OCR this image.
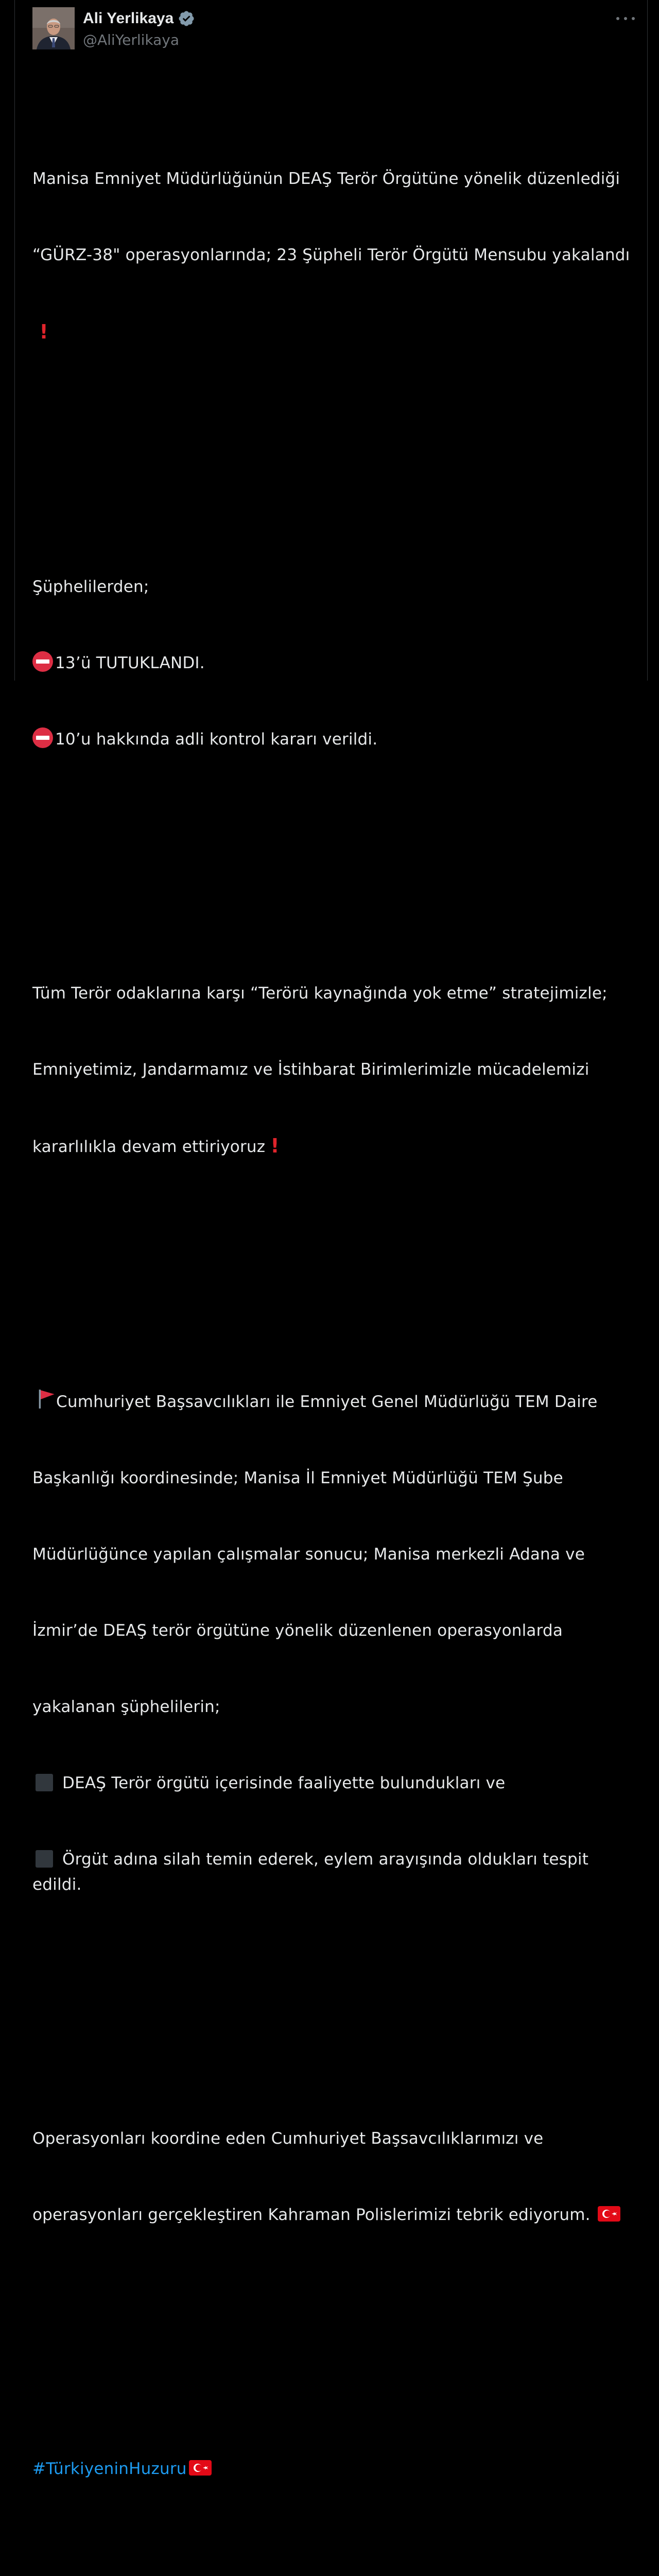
Ali Yerlikaya
@AliYerlikaya

Manisa Emniyet Müdürlüğünün DEAŞ Terör Örgütüne yönelik düzenlediği

“GÜRZ-38" operasyonlarında; 23 Şüpheli Terör Örgütü Mensubu yakalandı

!

Şüphelilerden;

13’ü TUTUKLANDI.

10’u hakkında adli kontrol kararı verildi.

Tüm Terör odaklarına karşı “Terörü kaynağında yok etme” stratejimizle;

Emniyetimiz, Jandarmamız ve İstihbarat Birimlerimizle mücadelemizi

kararlılıkla devam ettiriyoruz !

Cumhuriyet Başsavcılıkları ile Emniyet Genel Müdürlüğü TEM Daire

Başkanlığı koordinesinde; Manisa İl Emniyet Müdürlüğü TEM Şube

Müdürlüğünce yapılan çalışmalar sonucu; Manisa merkezli Adana ve

İzmir’de DEAŞ terör örgütüne yönelik düzenlenen operasyonlarda

yakalanan şüphelilerin;

DEAŞ Terör örgütü içerisinde faaliyette bulundukları ve

Örgüt adına silah temin ederek, eylem arayışında oldukları tespit edildi.

Operasyonları koordine eden Cumhuriyet Başsavcılıklarımızı ve

operasyonları gerçekleştiren Kahraman Polislerimizi tebrik ediyorum.

#TürkiyeninHuzuru
